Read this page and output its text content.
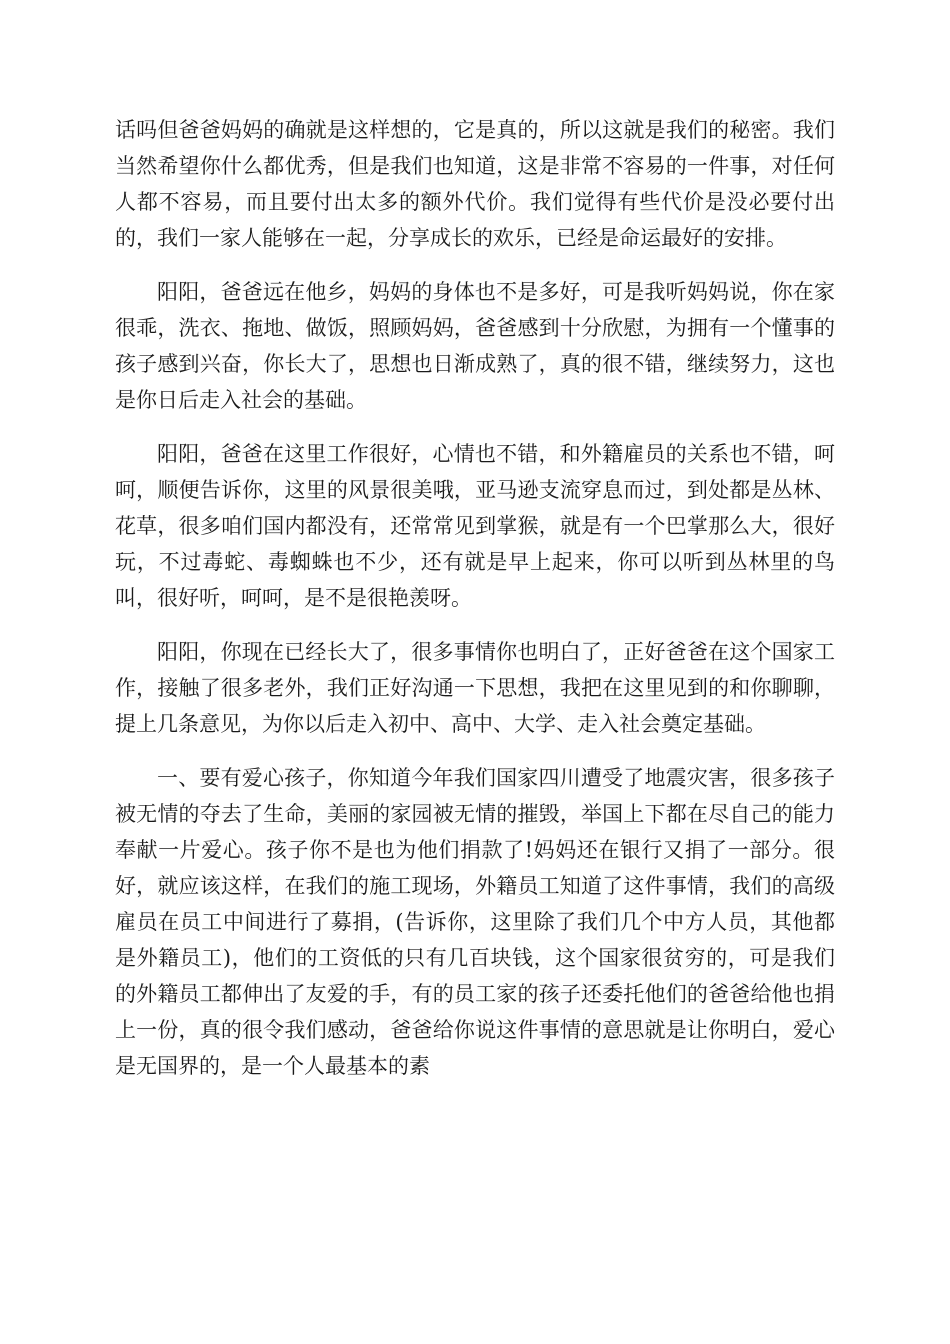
话吗但爸爸妈妈的确就是这样想的，它是真的，所以这就是我们的秘密。我们当然希望你什么都优秀，但是我们也知道，这是非常不容易的一件事，对任何人都不容易，而且要付出太多的额外代价。我们觉得有些代价是没必要付出的，我们一家人能够在一起，分享成长的欢乐，已经是命运最好的安排。

阳阳，爸爸远在他乡，妈妈的身体也不是多好，可是我听妈妈说，你在家很乖，洗衣、拖地、做饭，照顾妈妈，爸爸感到十分欣慰，为拥有一个懂事的孩子感到兴奋，你长大了，思想也日渐成熟了，真的很不错，继续努力，这也是你日后走入社会的基础。

阳阳，爸爸在这里工作很好，心情也不错，和外籍雇员的关系也不错，呵呵，顺便告诉你，这里的风景很美哦，亚马逊支流穿息而过，到处都是丛林、花草，很多咱们国内都没有，还常常见到掌猴，就是有一个巴掌那么大，很好玩，不过毒蛇、毒蜘蛛也不少，还有就是早上起来，你可以听到丛林里的鸟叫，很好听，呵呵，是不是很艳羡呀。

阳阳，你现在已经长大了，很多事情你也明白了，正好爸爸在这个国家工作，接触了很多老外，我们正好沟通一下思想，我把在这里见到的和你聊聊，提上几条意见，为你以后走入初中、高中、大学、走入社会奠定基础。

一、要有爱心孩子，你知道今年我们国家四川遭受了地震灾害，很多孩子被无情的夺去了生命，美丽的家园被无情的摧毁，举国上下都在尽自己的能力奉献一片爱心。孩子你不是也为他们捐款了!妈妈还在银行又捐了一部分。很好，就应该这样，在我们的施工现场，外籍员工知道了这件事情，我们的高级雇员在员工中间进行了募捐，(告诉你，这里除了我们几个中方人员，其他都是外籍员工)，他们的工资低的只有几百块钱，这个国家很贫穷的，可是我们的外籍员工都伸出了友爱的手，有的员工家的孩子还委托他们的爸爸给他也捐上一份，真的很令我们感动，爸爸给你说这件事情的意思就是让你明白，爱心是无国界的，是一个人最基本的素
